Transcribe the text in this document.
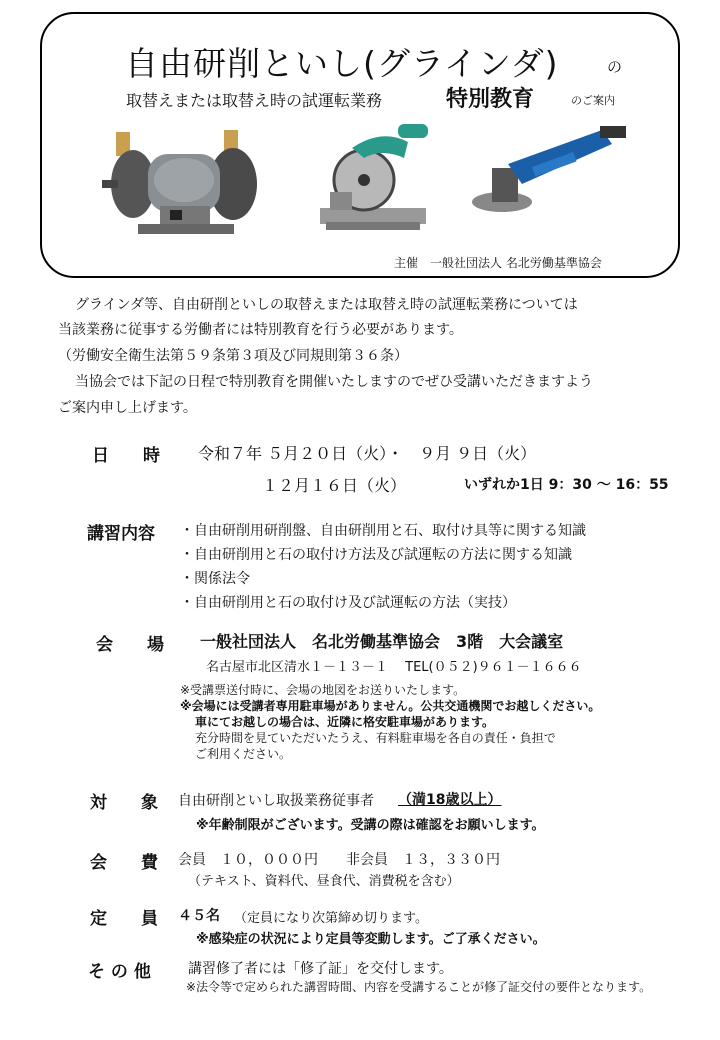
自由研削といし(グラインダ)	の
取替えまたは取替え時の試運転業務	特別教育	のご案内
主催　一般社団法人 名北労働基準協会
グラインダ等、自由研削といしの取替えまたは取替え時の試運転業務については
当該業務に従事する労働者には特別教育を行う必要があります。
（労働安全衛生法第５９条第３項及び同規則第３６条）
当協会では下記の日程で特別教育を開催いたしますのでぜひ受講いただきますよう
ご案内申し上げます。
日　　時 令和７年 ５月２０日（火）・　９月 ９日（火）
１２月１６日（火）	いずれか1日 9：30 ～ 16：55
講習内容 ・自由研削用研削盤、自由研削用と石、取付け具等に関する知識
・自由研削用と石の取付け方法及び試運転の方法に関する知識
・関係法令
・自由研削用と石の取付け及び試運転の方法（実技）
会　　場 一般社団法人　名北労働基準協会　3階　大会議室
名古屋市北区清水１－１３－１　 TEL(０５２)９６１－１６６６
※受講票送付時に、会場の地図をお送りいたします。
※会場には受講者専用駐車場がありません。公共交通機関でお越しください。
車にてお越しの場合は、近隣に格安駐車場があります。
充分時間を見ていただいたうえ、有料駐車場を各自の責任・負担で
ご利用ください。
対　　象 自由研削といし取扱業務従事者 （満18歳以上）
※年齢制限がございます。受講の際は確認をお願いします。
会　　費 会員　１０，０００円　　非会員　１３，３３０円
（テキスト、資料代、昼食代、消費税を含む）
定　　員 ４５名 （定員になり次第締め切ります。
※感染症の状況により定員等変動します。ご了承ください。
そ の 他	講習修了者には「修了証」を交付します。
※法令等で定められた講習時間、内容を受講することが修了証交付の要件となります。
